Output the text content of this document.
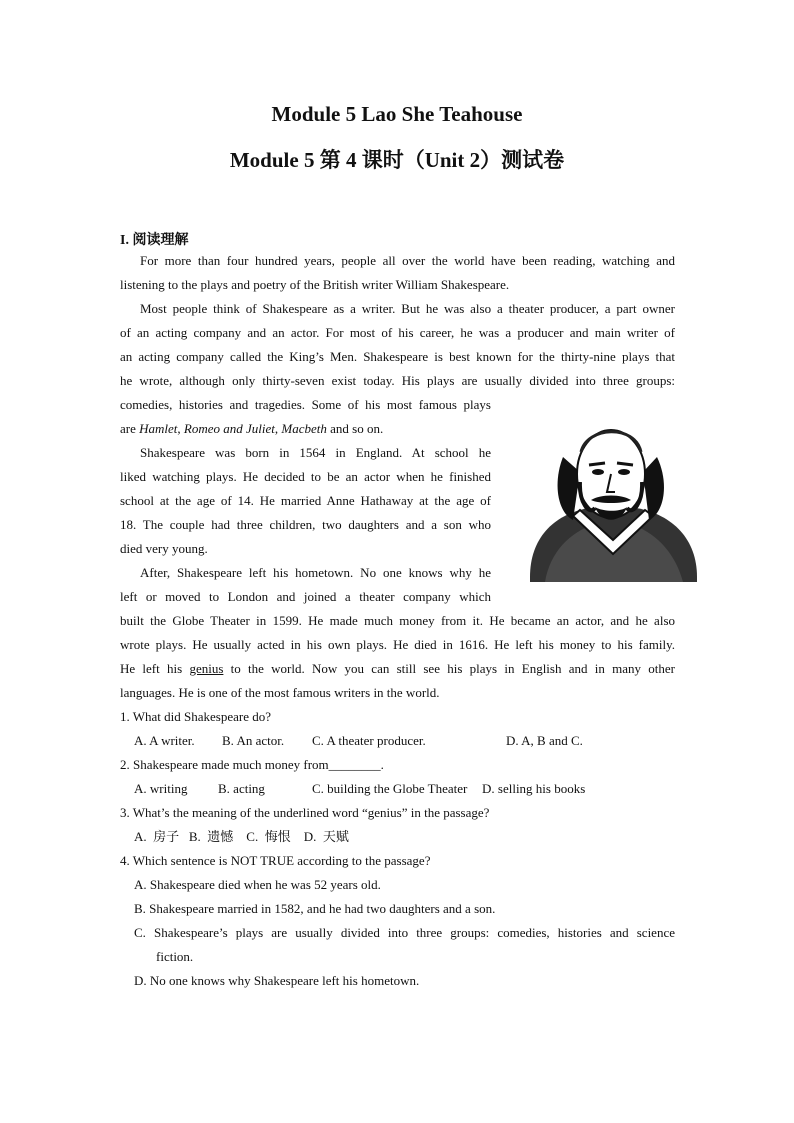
Module 5 Lao She Teahouse
Module 5 第 4 课时（Unit 2）测试卷
I. 阅读理解
For more than four hundred years, people all over the world have been reading, watching and
listening to the plays and poetry of the British writer William Shakespeare.
Most people think of Shakespeare as a writer. But he was also a theater producer, a part owner
of an acting company and an actor. For most of his career, he was a producer and main writer of
an acting company called the King’s Men. Shakespeare is best known for the thirty-nine plays that
he wrote, although only thirty-seven exist today. His plays are usually divided into three groups:
comedies, histories and tragedies. Some of his most famous plays
are Hamlet, Romeo and Juliet, Macbeth and so on.
Shakespeare was born in 1564 in England. At school he
liked watching plays. He decided to be an actor when he finished
school at the age of 14. He married Anne Hathaway at the age of
18. The couple had three children, two daughters and a son who
died very young.
After, Shakespeare left his hometown. No one knows why he
left or moved to London and joined a theater company which
built the Globe Theater in 1599. He made much money from it. He became an actor, and he also
wrote plays. He usually acted in his own plays. He died in 1616. He left his money to his family.
He left his genius to the world. Now you can still see his plays in English and in many other
languages. He is one of the most famous writers in the world.
1. What did Shakespeare do?
A. A writer. B. An actor. C. A theater producer.	D. A, B and C.
2. Shakespeare made much money from________.
A. writing B. acting	C. building the Globe Theater D. selling his books
3. What’s the meaning of the underlined word “genius” in the passage?
A.  房子   B.  遗憾    C.  悔恨    D.  天赋
4. Which sentence is NOT TRUE according to the passage?
A. Shakespeare died when he was 52 years old.
B. Shakespeare married in 1582, and he had two daughters and a son.
C. Shakespeare’s plays are usually divided into three groups: comedies, histories and science
fiction.
D. No one knows why Shakespeare left his hometown.
